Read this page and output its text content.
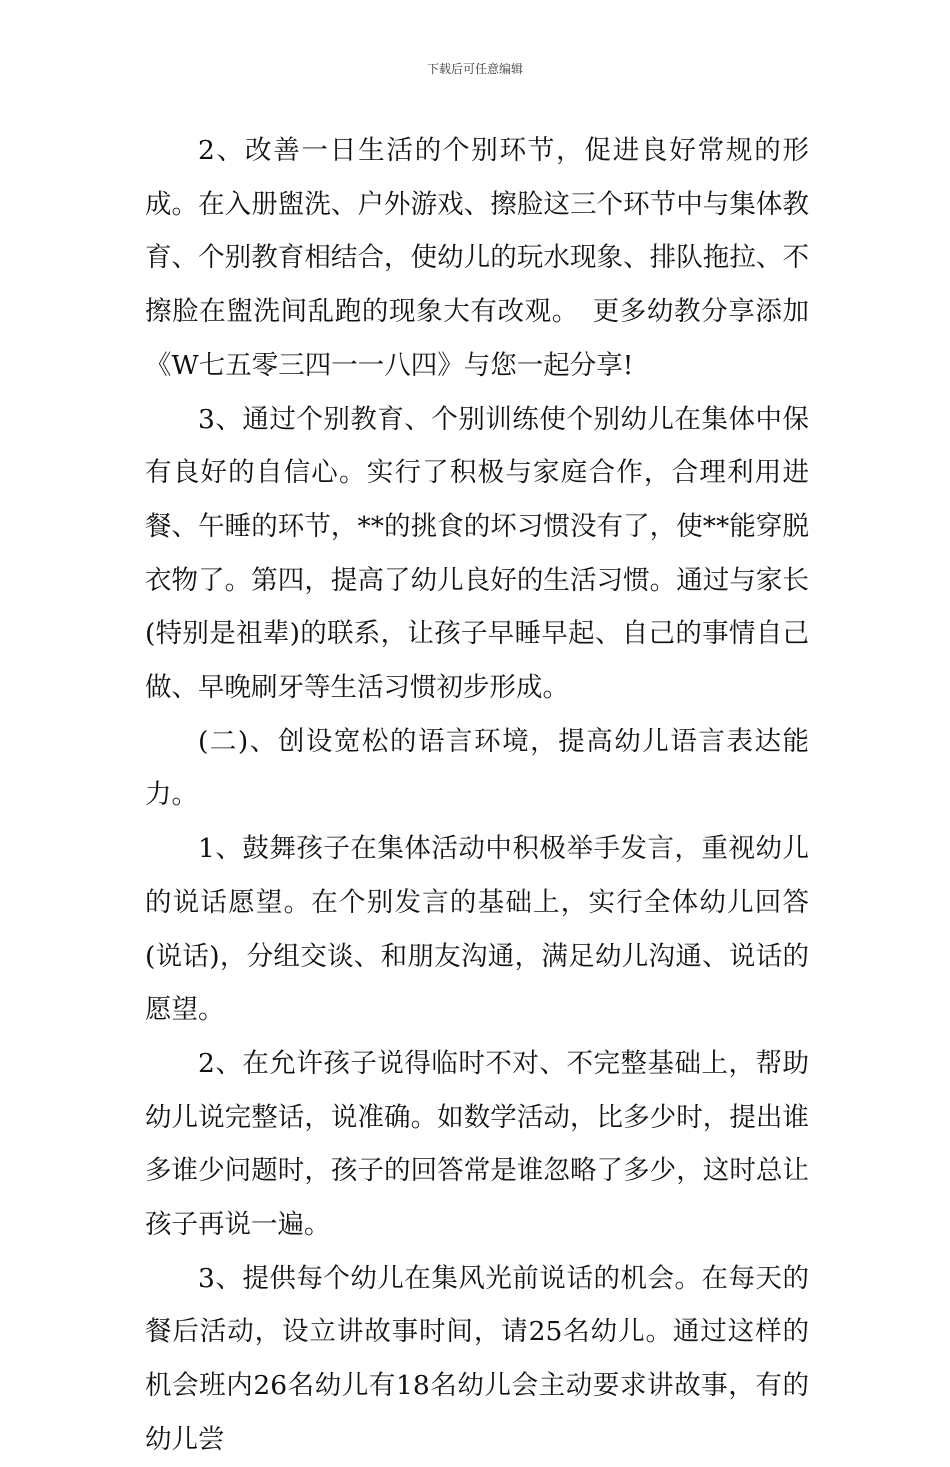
下载后可任意编辑

2、改善一日生活的个别环节，促进良好常规的形成。在入册盥洗、户外游戏、擦脸这三个环节中与集体教育、个别教育相结合，使幼儿的玩水现象、排队拖拉、不擦脸在盥洗间乱跑的现象大有改观。　更多幼教分享添加《W七五零三四一一八四》与您一起分享!

3、通过个别教育、个别训练使个别幼儿在集体中保有良好的自信心。实行了积极与家庭合作，合理利用进餐、午睡的环节，**的挑食的坏习惯没有了，使**能穿脱衣物了。第四，提高了幼儿良好的生活习惯。通过与家长(特别是祖辈)的联系，让孩子早睡早起、自己的事情自己做、早晚刷牙等生活习惯初步形成。

(二)、创设宽松的语言环境，提高幼儿语言表达能力。

1、鼓舞孩子在集体活动中积极举手发言，重视幼儿的说话愿望。在个别发言的基础上，实行全体幼儿回答(说话)，分组交谈、和朋友沟通，满足幼儿沟通、说话的愿望。

2、在允许孩子说得临时不对、不完整基础上，帮助幼儿说完整话，说准确。如数学活动，比多少时，提出谁多谁少问题时，孩子的回答常是谁忽略了多少，这时总让孩子再说一遍。

3、提供每个幼儿在集风光前说话的机会。在每天的餐后活动，设立讲故事时间，请25名幼儿。通过这样的机会班内26名幼儿有18名幼儿会主动要求讲故事，有的幼儿尝
